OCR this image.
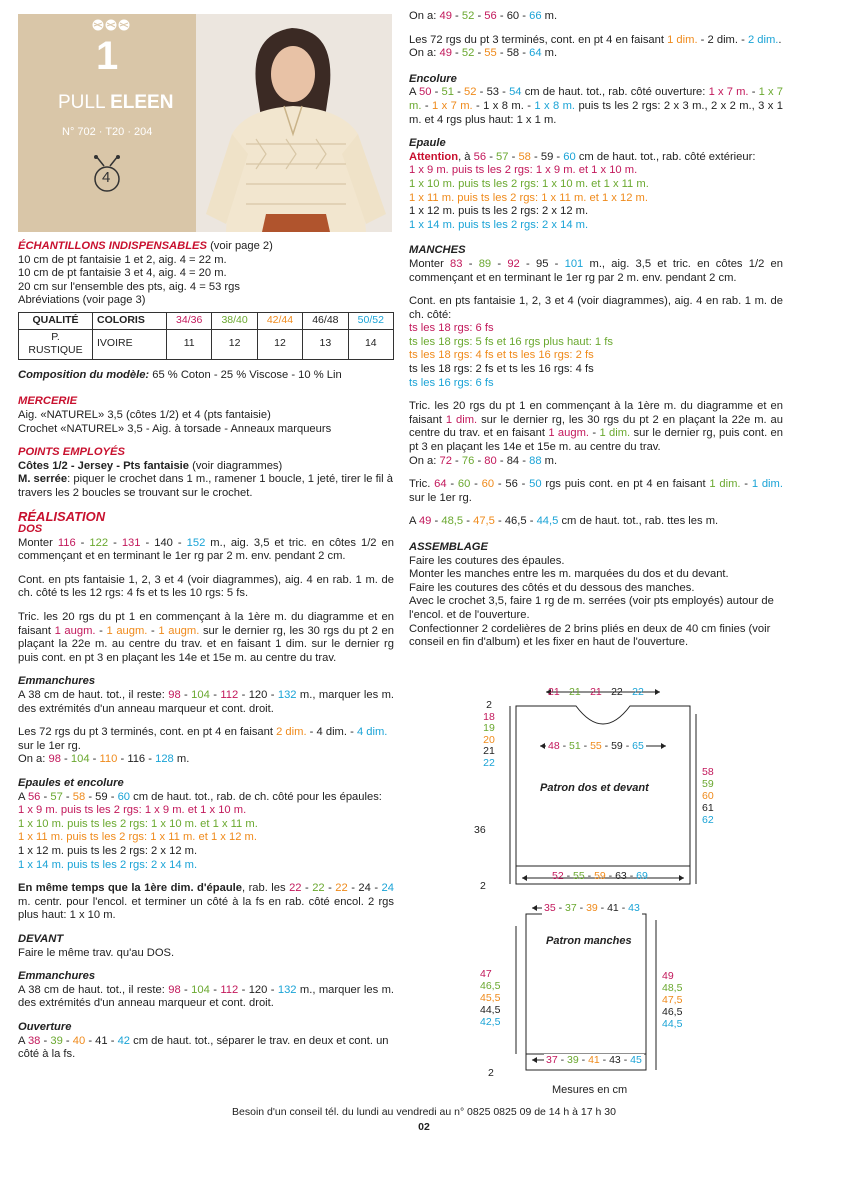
1
PULL ELEEN
N° 702 · T20 · 204
4

ÉCHANTILLONS INDISPENSABLES (voir page 2)

10 cm de pt fantaisie 1 et 2, aig. 4 = 22 m.

10 cm de pt fantaisie 3 et 4, aig. 4 = 20 m.

20 cm sur l'ensemble des pts, aig. 4 = 53 rgs

Abréviations (voir page 3)

QUALITÉ	COLORIS	34/36	38/40	42/44	46/48	50/52
P. RUSTIQUE	IVOIRE	11	12	12	13	14

Composition du modèle: 65 % Coton - 25 % Viscose - 10 % Lin

MERCERIE

Aig. «NATUREL» 3,5 (côtes 1/2) et 4 (pts fantaisie)

Crochet «NATUREL» 3,5 - Aig. à torsade - Anneaux marqueurs

POINTS EMPLOYÉS

Côtes 1/2 - Jersey - Pts fantaisie (voir diagrammes)

M. serrée: piquer le crochet dans 1 m., ramener 1 boucle, 1 jeté, tirer le fil à travers les 2 boucles se trouvant sur le crochet.

RÉALISATION

DOS

Monter 116 - 122 - 131 - 140 - 152 m., aig. 3,5 et tric. en côtes 1/2 en commençant et en terminant le 1er rg par 2 m. env. pendant 2 cm.

Cont. en pts fantaisie 1, 2, 3 et 4 (voir diagrammes), aig. 4 en rab. 1 m. de ch. côté ts les 12 rgs: 4 fs et ts les 10 rgs: 5 fs.

Tric. les 20 rgs du pt 1 en commençant à la 1ère m. du diagramme et en faisant 1 augm. - 1 augm. - 1 augm. sur le dernier rg, les 30 rgs du pt 2 en plaçant la 22e m. au centre du trav. et en faisant 1 dim. sur le dernier rg puis cont. en pt 3 en plaçant les 14e et 15e m. au centre du trav.

Emmanchures

A 38 cm de haut. tot., il reste: 98 - 104 - 112 - 120 - 132 m., marquer les m. des extrémités d'un anneau marqueur et cont. droit.

Les 72 rgs du pt 3 terminés, cont. en pt 4 en faisant 2 dim. - 4 dim. - 4 dim. sur le 1er rg.

On a: 98 - 104 - 110 - 116 - 128 m.

Epaules et encolure

A 56 - 57 - 58 - 59 - 60 cm de haut. tot., rab. de ch. côté pour les épaules:

1 x 9 m. puis ts les 2 rgs: 1 x 9 m. et 1 x 10 m.

1 x 10 m. puis ts les 2 rgs: 1 x 10 m. et 1 x 11 m.

1 x 11 m. puis ts les 2 rgs: 1 x 11 m. et 1 x 12 m.

1 x 12 m. puis ts les 2 rgs: 2 x 12 m.

1 x 14 m. puis ts les 2 rgs: 2 x 14 m.

En même temps que la 1ère dim. d'épaule, rab. les 22 - 22 - 22 - 24 - 24 m. centr. pour l'encol. et terminer un côté à la fs en rab. côté encol. 2 rgs plus haut: 1 x 10 m.

DEVANT

Faire le même trav. qu'au DOS.

Emmanchures

A 38 cm de haut. tot., il reste: 98 - 104 - 112 - 120 - 132 m., marquer les m. des extrémités d'un anneau marqueur et cont. droit.

Ouverture

A 38 - 39 - 40 - 41 - 42 cm de haut. tot., séparer le trav. en deux et cont. un côté à la fs.

On a: 49 - 52 - 56 - 60 - 66 m.

Les 72 rgs du pt 3 terminés, cont. en pt 4 en faisant 1 dim. - 2 dim. - 2 dim..

On a: 49 - 52 - 55 - 58 - 64 m.

Encolure

A 50 - 51 - 52 - 53 - 54 cm de haut. tot., rab. côté ouverture: 1 x 7 m. - 1 x 7 m. - 1 x 7 m. - 1 x 8 m. - 1 x 8 m. puis ts les 2 rgs: 2 x 3 m., 2 x 2 m., 3 x 1 m. et 4 rgs plus haut: 1 x 1 m.

Epaule

Attention, à 56 - 57 - 58 - 59 - 60 cm de haut. tot., rab. côté extérieur:

1 x 9 m. puis ts les 2 rgs: 1 x 9 m. et 1 x 10 m.

1 x 10 m. puis ts les 2 rgs: 1 x 10 m. et 1 x 11 m.

1 x 11 m. puis ts les 2 rgs: 1 x 11 m. et 1 x 12 m.

1 x 12 m. puis ts les 2 rgs: 2 x 12 m.

1 x 14 m. puis ts les 2 rgs: 2 x 14 m.

MANCHES

Monter 83 - 89 - 92 - 95 - 101 m., aig. 3,5 et tric. en côtes 1/2 en commençant et en terminant le 1er rg par 2 m. env. pendant 2 cm.

Cont. en pts fantaisie 1, 2, 3 et 4 (voir diagrammes), aig. 4 en rab. 1 m. de ch. côté:

ts les 18 rgs: 6 fs

ts les 18 rgs: 5 fs et 16 rgs plus haut: 1 fs

ts les 18 rgs: 4 fs et ts les 16 rgs: 2 fs

ts les 18 rgs: 2 fs et ts les 16 rgs: 4 fs

ts les 16 rgs: 6 fs

Tric. les 20 rgs du pt 1 en commençant à la 1ère m. du diagramme et en faisant 1 dim. sur le dernier rg, les 30 rgs du pt 2 en plaçant la 22e m. au centre du trav. et en faisant 1 augm. - 1 dim. sur le dernier rg, puis cont. en pt 3 en plaçant les 14e et 15e m. au centre du trav.

On a: 72 - 76 - 80 - 84 - 88 m.

Tric. 64 - 60 - 60 - 56 - 50 rgs puis cont. en pt 4 en faisant 1 dim. - 1 dim. sur le 1er rg.

A 49 - 48,5 - 47,5 - 46,5 - 44,5 cm de haut. tot., rab. ttes les m.

ASSEMBLAGE

Faire les coutures des épaules.

Monter les manches entre les m. marquées du dos et du devant.

Faire les coutures des côtés et du dessous des manches.

Avec le crochet 3,5, faire 1 rg de m. serrées (voir pts employés) autour de l'encol. et de l'ouverture.

Confectionner 2 cordelières de 2 brins pliés en deux de 40 cm finies (voir conseil en fin d'album) et les fixer en haut de l'ouverture.

21 - 21 - 21 - 22 - 22
48 - 51 - 55 - 59 - 65
52 - 55 - 59 - 63 - 69
2
18
19
20
21
22
36
2
58
59
60
61
62
Patron dos et devant
35 - 37 - 39 - 41 - 43
Patron manches
37 - 39 - 41 - 43 - 45
47
46,5
45,5
44,5
42,5
49
48,5
47,5
46,5
44,5
2
Mesures en cm
Besoin d'un conseil tél. du lundi au vendredi au n° 0825 0825 09 de 14 h à 17 h 30
02
